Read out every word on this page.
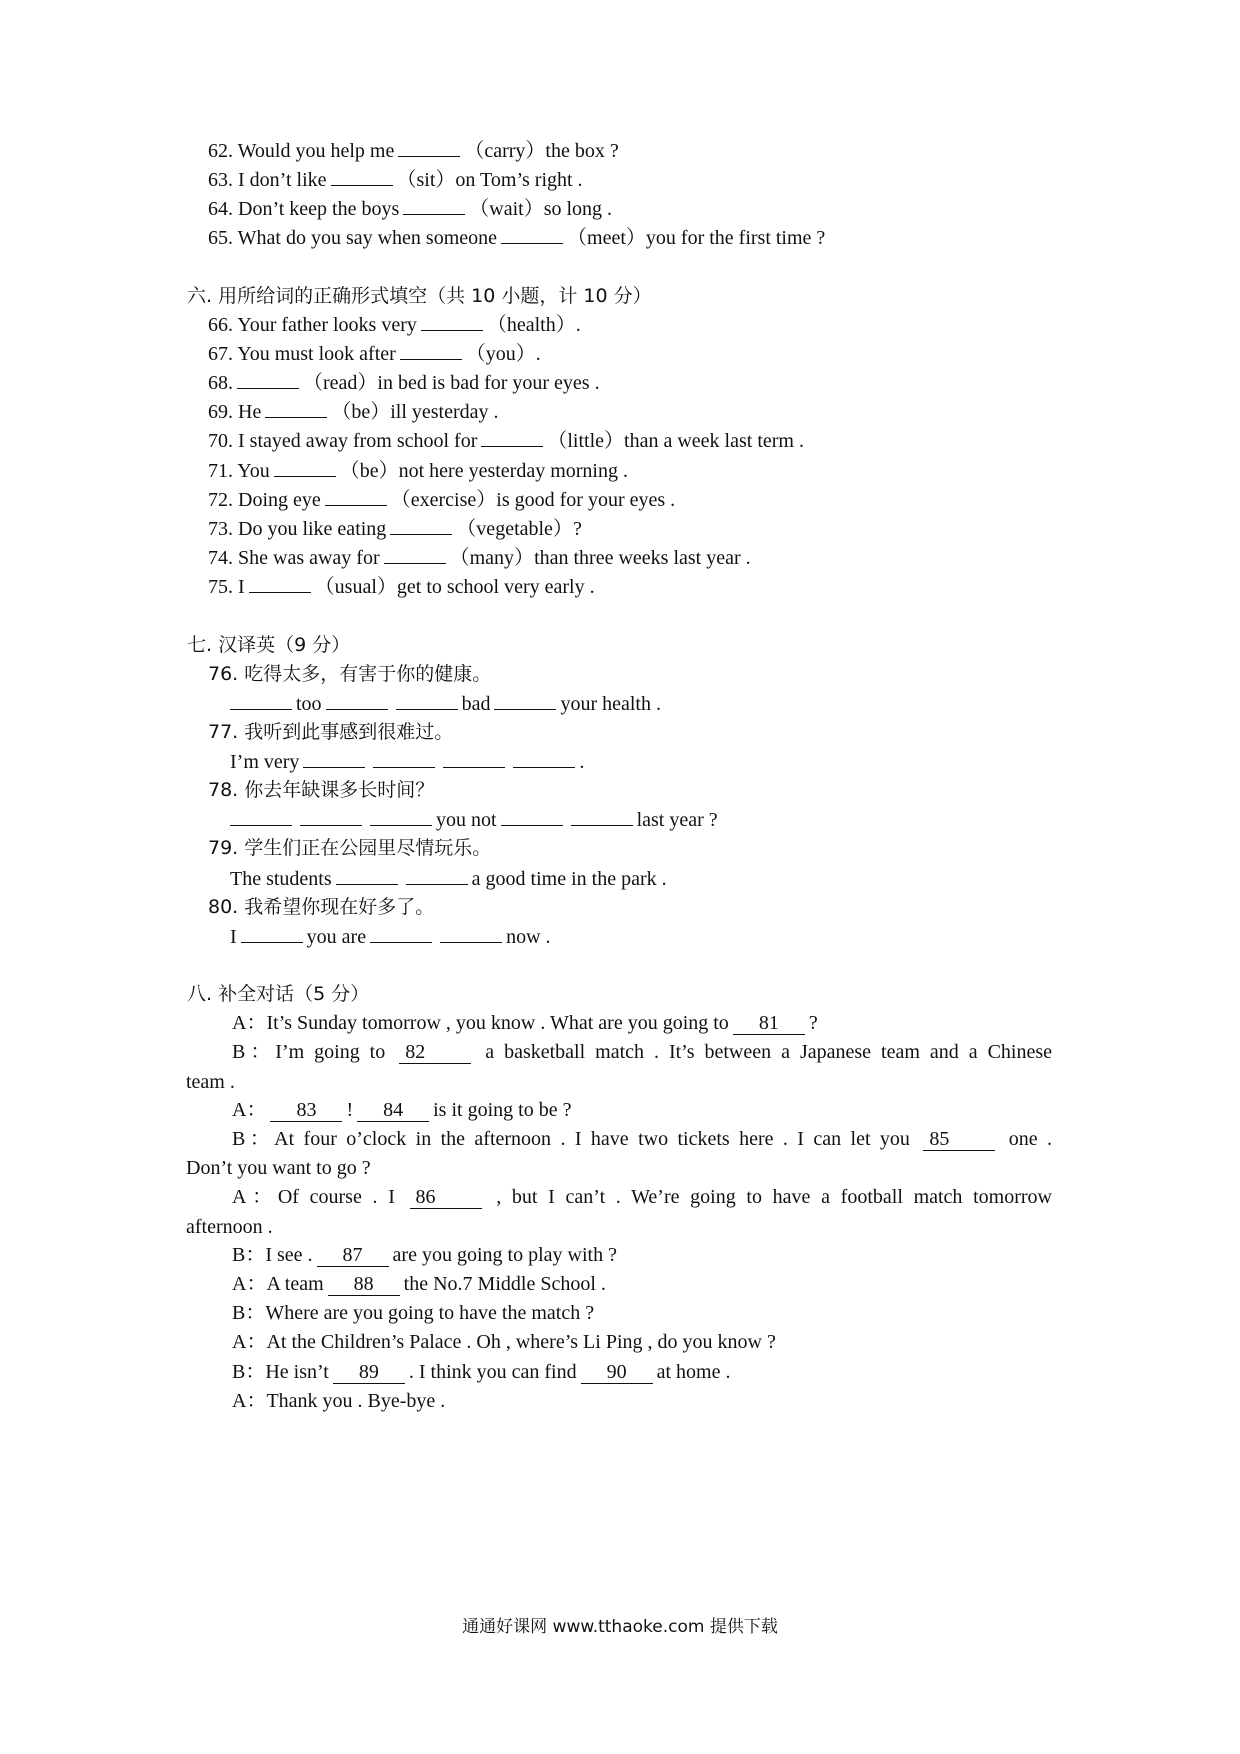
62. Would you help me	（carry）the box ?
63. I don’t like	（sit）on Tom’s right .
64. Don’t keep the boys	（wait）so long .
65. What do you say when someone	（meet）you for the first time ?
六. 用所给词的正确形式填空（共 10 小题，计 10 分）
66. Your father looks very	（health）.
67. You must look after	（you）.
68.	（read）in bed is bad for your eyes .
69. He	（be）ill yesterday .
70. I stayed away from school for	（little）than a week last term .
71. You	（be）not here yesterday morning .
72. Doing eye	（exercise）is good for your eyes .
73. Do you like eating	（vegetable）?
74. She was away for	（many）than three weeks last year .
75. I	（usual）get to school very early .
七. 汉译英（9 分）
76. 吃得太多，有害于你的健康。
too	bad	your health .
77. 我听到此事感到很难过。
I’m very	.
78. 你去年缺课多长时间？
you not	last year ?
79. 学生们正在公园里尽情玩乐。
The students	a good time in the park .
80. 我希望你现在好多了。
I	you are	now .
八. 补全对话（5 分）
A：It’s Sunday tomorrow , you know . What are you going to 81 ?
B：I’m going to 82	a basketball match . It’s between a Japanese team and a Chinese
team .
A： 83 ! 84 is it going to be ?
B：At four o’clock in the afternoon . I have two tickets here . I can let you 85	one .
Don’t you want to go ?
A：Of course . I 86	, but I can’t . We’re going to have a football match tomorrow
afternoon .
B：I see . 87 are you going to play with ?
A：A team 88 the No.7 Middle School .
B：Where are you going to have the match ?
A：At the Children’s Palace . Oh , where’s Li Ping , do you know ?
B：He isn’t 89 . I think you can find 90 at home .
A：Thank you . Bye-bye .
通通好课网 www.tthaoke.com 提供下载
